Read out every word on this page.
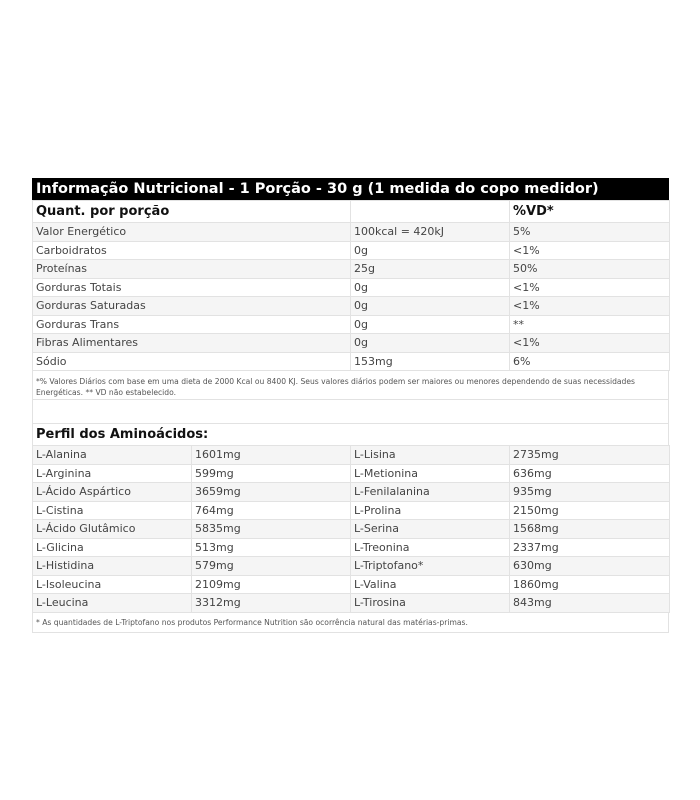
Informação Nutricional - 1 Porção - 30 g (1 medida do copo medidor)
Quant. por porção		%VD*
Valor Energético	100kcal = 420kJ	5%
Carboidratos	0g	<1%
Proteínas	25g	50%
Gorduras Totais	0g	<1%
Gorduras Saturadas	0g	<1%
Gorduras Trans	0g	**
Fibras Alimentares	0g	<1%
Sódio	153mg	6%
*% Valores Diários com base em uma dieta de 2000 Kcal ou 8400 KJ. Seus valores diários podem ser maiores ou menores dependendo de suas necessidades Energéticas. ** VD não estabelecido.
Perfil dos Aminoácidos:
L-Alanina	1601mg	L-Lisina	2735mg
L-Arginina	599mg	L-Metionina	636mg
L-Ácido Aspártico	3659mg	L-Fenilalanina	935mg
L-Cistina	764mg	L-Prolina	2150mg
L-Ácido Glutâmico	5835mg	L-Serina	1568mg
L-Glicina	513mg	L-Treonina	2337mg
L-Histidina	579mg	L-Triptofano*	630mg
L-Isoleucina	2109mg	L-Valina	1860mg
L-Leucina	3312mg	L-Tirosina	843mg
* As quantidades de L-Triptofano nos produtos Performance Nutrition são ocorrência natural das matérias-primas.
